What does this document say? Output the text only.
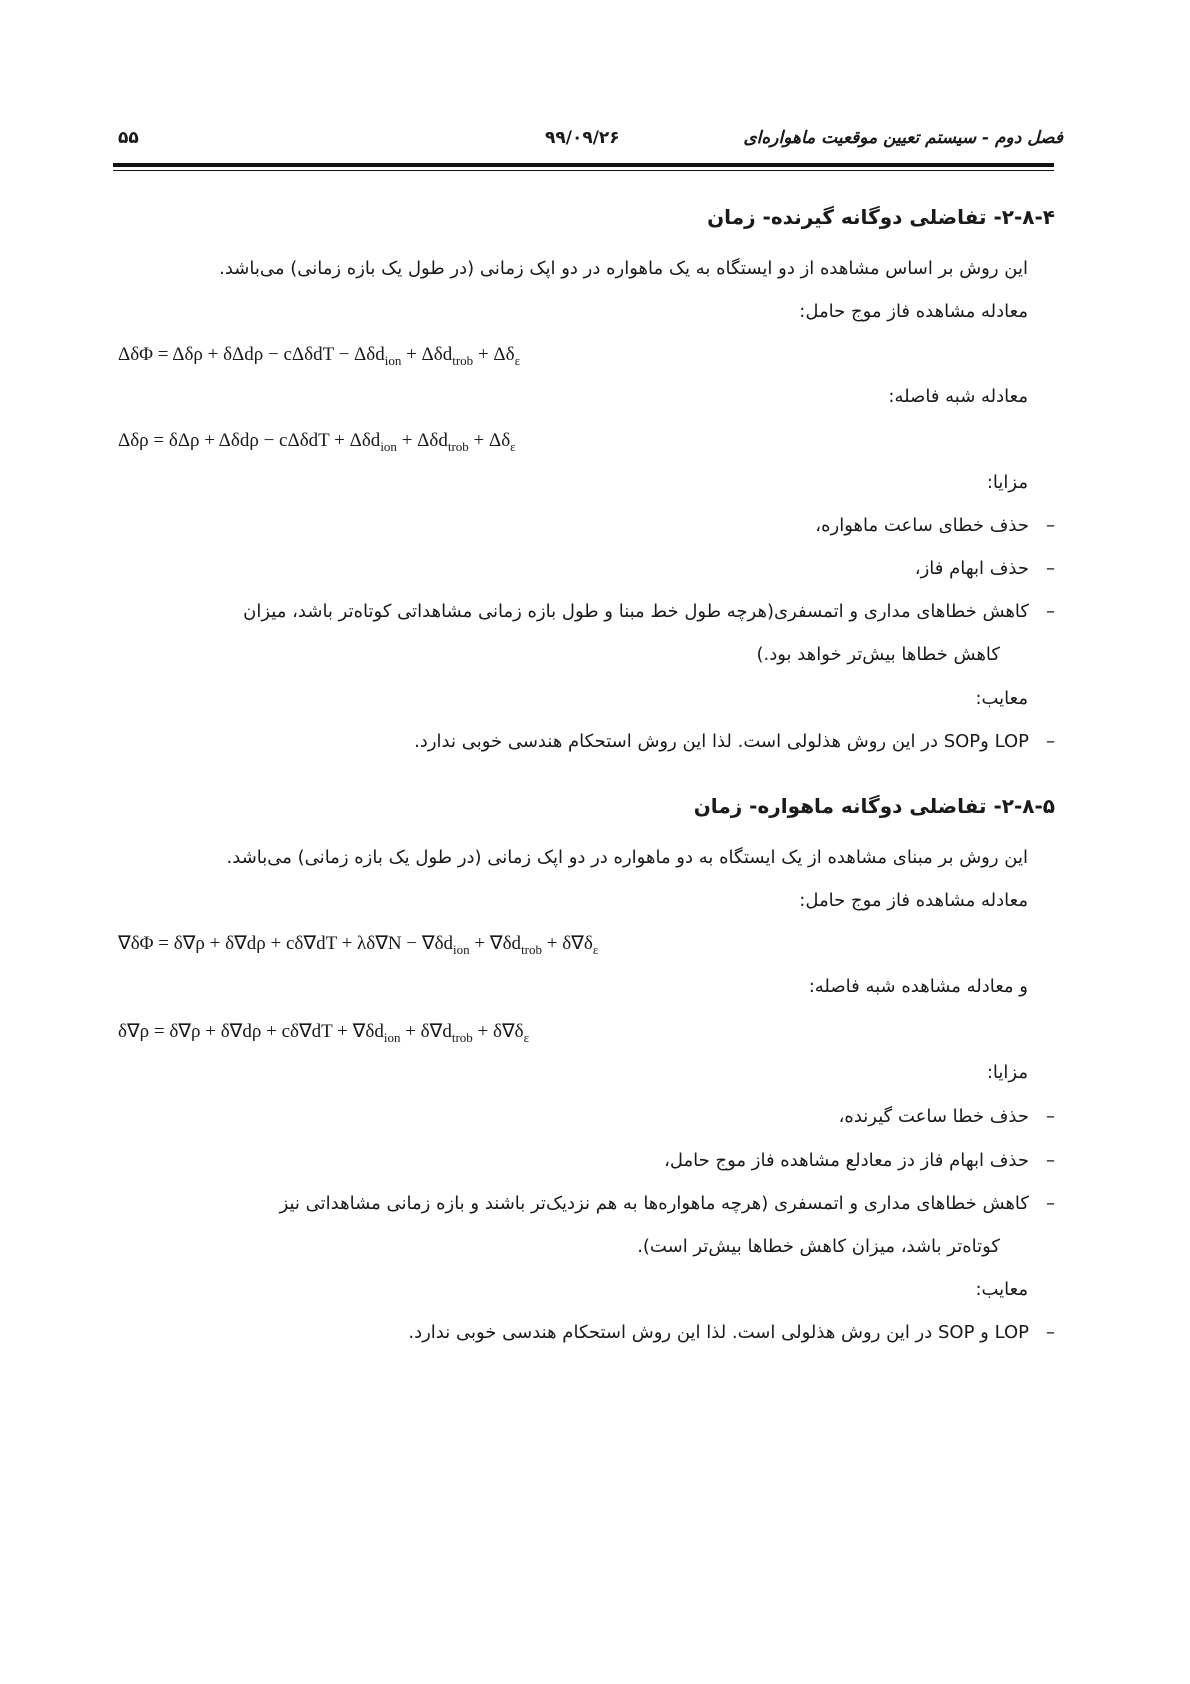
فصل دوم - سیستم تعیین موقعیت ماهواره‌ای
۹۹/۰۹/۲۶
۵۵
۲-۸-۴- تفاضلی دوگانه گیرنده- زمان
این روش بر اساس مشاهده از دو ایستگاه به یک ماهواره در دو اپک زمانی (در طول یک بازه زمانی) می‌باشد.
معادله مشاهده فاز موج حامل:
$\Delta\delta\Phi = \Delta\delta\rho + \delta\Delta d\rho - c\Delta\delta dT - \Delta\delta d_{ion} + \Delta\delta d_{trob} + \Delta\delta_\varepsilon$
معادله شبه فاصله:
$\Delta\delta\rho = \delta\Delta\rho + \Delta\delta d\rho - c\Delta\delta dT + \Delta\delta d_{ion} + \Delta\delta d_{trob} + \Delta\delta_\varepsilon$
مزایا:
–حذف خطای ساعت ماهواره،
–حذف ابهام فاز،
–کاهش خطاهای مداری و اتمسفری(هرچه طول خط مبنا و طول بازه زمانی مشاهداتی کوتاه‌تر باشد، میزان
کاهش خطاها بیش‌تر خواهد بود.)
معایب:
–LOP وSOP در این روش هذلولی است. لذا این روش استحکام هندسی خوبی ندارد.
۲-۸-۵- تفاضلی دوگانه ماهواره- زمان
این روش بر مبنای مشاهده از یک ایستگاه به دو ماهواره در دو اپک زمانی (در طول یک بازه زمانی) می‌باشد.
معادله مشاهده فاز موج حامل:
$\nabla\delta\Phi = \delta\nabla\rho + \delta\nabla d\rho + c\delta\nabla dT + \lambda\delta\nabla N - \nabla\delta d_{ion} + \nabla\delta d_{trob} + \delta\nabla\delta_\varepsilon$
و معادله مشاهده شبه فاصله:
$\delta\nabla\rho = \delta\nabla\rho + \delta\nabla d\rho + c\delta\nabla dT + \nabla\delta d_{ion} + \delta\nabla d_{trob} + \delta\nabla\delta_\varepsilon$
مزایا:
–حذف خطا ساعت گیرنده،
–حذف ابهام فاز دز معادلع مشاهده فاز موج حامل،
–کاهش خطاهای مداری و اتمسفری (هرچه ماهواره‌ها به هم نزدیک‌تر باشند و بازه زمانی مشاهداتی نیز
کوتاه‌تر باشد، میزان کاهش خطاها بیش‌تر است).
معایب:
–LOP و SOP در این روش هذلولی است. لذا این روش استحکام هندسی خوبی ندارد.
